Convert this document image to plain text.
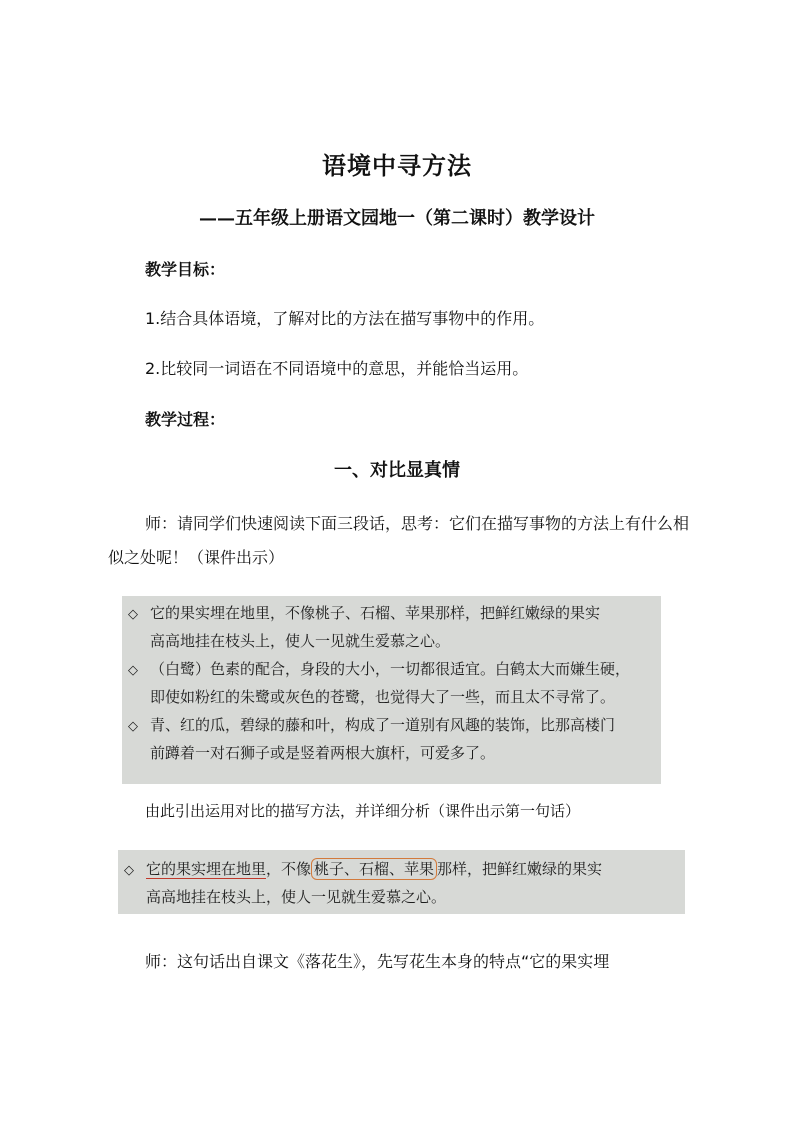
语境中寻方法
——五年级上册语文园地一（第二课时）教学设计
教学目标：
1.结合具体语境，了解对比的方法在描写事物中的作用。
2.比较同一词语在不同语境中的意思，并能恰当运用。
教学过程：
一、对比显真情
师：请同学们快速阅读下面三段话，思考：它们在描写事物的方法上有什么相似之处呢！（课件出示）
◇ 它的果实埋在地里，不像桃子、石榴、苹果那样，把鲜红嫩绿的果实
高高地挂在枝头上，使人一见就生爱慕之心。
◇ （白鹭）色素的配合，身段的大小，一切都很适宜。白鹤太大而嫌生硬，
即使如粉红的朱鹭或灰色的苍鹭，也觉得大了一些，而且太不寻常了。
◇ 青、红的瓜，碧绿的藤和叶，构成了一道别有风趣的装饰，比那高楼门
前蹲着一对石狮子或是竖着两根大旗杆，可爱多了。
由此引出运用对比的描写方法，并详细分析（课件出示第一句话）
◇ 它的果实埋在地里，不像 桃子、石榴、苹果 那样，把鲜红嫩绿的果实
高高地挂在枝头上，使人一见就生爱慕之心。
师：这句话出自课文《落花生》，先写花生本身的特点“它的果实埋
